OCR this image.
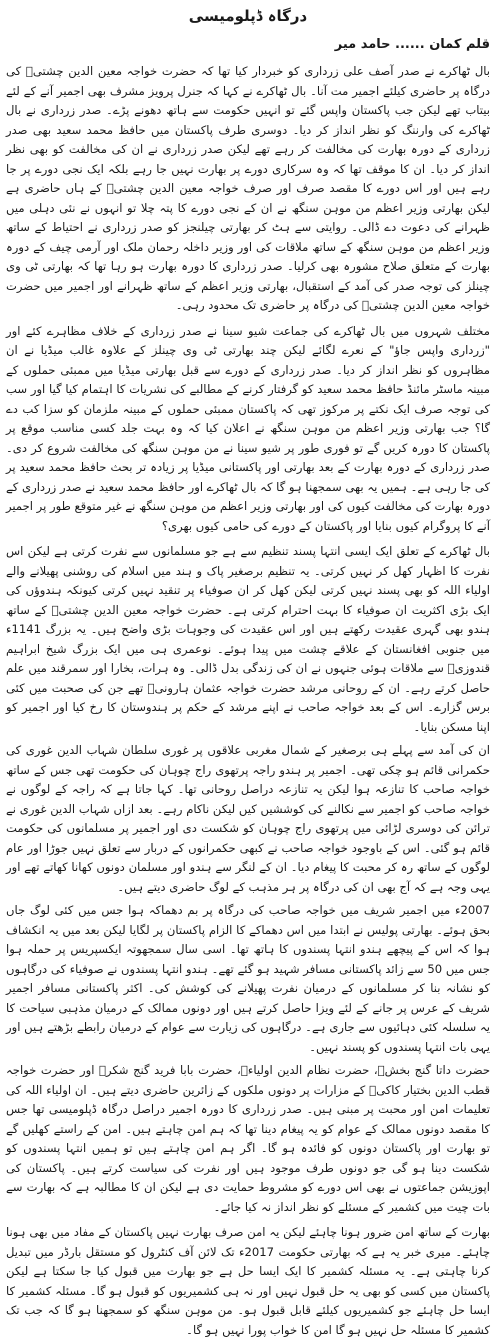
درگاہ ڈپلومیسی
قلم کمان ...... حامد میر

بال ٹھاکرے نے صدر آصف علی زرداری کو خبردار کیا تھا کہ حضرت خواجہ معین الدین چشتیؒ کی درگاہ پر حاضری کیلئے اجمیر مت آنا۔ بال ٹھاکرے نے کہا کہ جنرل پرویز مشرف بھی اجمیر آنے کے لئے بیتاب تھے لیکن جب پاکستان واپس گئے تو انہیں حکومت سے ہاتھ دھونے پڑے۔ صدر زرداری نے بال ٹھاکرے کی وارننگ کو نظر انداز کر دیا۔ دوسری طرف پاکستان میں حافظ محمد سعید بھی صدر زرداری کے دورہ بھارت کی مخالفت کر رہے تھے لیکن صدر زرداری نے ان کی مخالفت کو بھی نظر انداز کر دیا۔ ان کا موقف تھا کہ وہ سرکاری دورے پر بھارت نہیں جا رہے بلکہ ایک نجی دورے پر جا رہے ہیں اور اس دورے کا مقصد صرف اور صرف خواجہ معین الدین چشتیؒ کے ہاں حاضری ہے لیکن بھارتی وزیر اعظم من موہن سنگھ نے ان کے نجی دورے کا پتہ چلا تو انہوں نے نئی دہلی میں ظہرانے کی دعوت دے ڈالی۔ روایتی سے ہٹ کر بھارتی چیلنجز کو صدر زرداری نے احتیاط کے ساتھ وزیر اعظم من موہن سنگھ کے ساتھ ملاقات کی اور وزیر داخلہ رحمان ملک اور آرمی چیف کے دورہ بھارت کے متعلق صلاح مشورہ بھی کرلیا۔ صدر زرداری کا دورہ بھارت ہو رہا تھا کہ بھارتی ٹی وی چینلز کی توجہ صدر کی آمد کے استقبال، بھارتی وزیر اعظم کے ساتھ ظہرانے اور اجمیر میں حضرت خواجہ معین الدین چشتیؒ کی درگاہ پر حاضری تک محدود رہی۔

مختلف شہروں میں بال ٹھاکرے کی جماعت شیو سینا نے صدر زرداری کے خلاف مظاہرے کئے اور "زرداری واپس جاؤ" کے نعرے لگائے لیکن چند بھارتی ٹی وی چینلز کے علاوہ غالب میڈیا نے ان مظاہروں کو نظر انداز کر دیا۔ صدر زرداری کے دورے سے قبل بھارتی میڈیا میں ممبئی حملوں کے مبینہ ماسٹر مائنڈ حافظ محمد سعید کو گرفتار کرنے کے مطالبے کی نشریات کا اہتمام کیا گیا اور سب کی توجہ صرف ایک نکتے پر مرکوز تھی کہ پاکستان ممبئی حملوں کے مبینہ ملزمان کو سزا کب دے گا؟ جب بھارتی وزیر اعظم من موہن سنگھ نے اعلان کیا کہ وہ بہت جلد کسی مناسب موقع پر پاکستان کا دورہ کریں گے تو فوری طور پر شیو سینا نے من موہن سنگھ کی مخالفت شروع کر دی۔ صدر زرداری کے دورہ بھارت کے بعد بھارتی اور پاکستانی میڈیا پر زیادہ تر بحث حافظ محمد سعید پر کی جا رہی ہے۔ ہمیں یہ بھی سمجھنا ہو گا کہ بال ٹھاکرے اور حافظ محمد سعید نے صدر زرداری کے دورہ بھارت کی مخالفت کیوں کی اور بھارتی وزیر اعظم من موہن سنگھ نے غیر متوقع طور پر اجمیر آنے کا پروگرام کیوں بنایا اور پاکستان کے دورے کی حامی کیوں بھری؟

بال ٹھاکرے کے تعلق ایک ایسی انتہا پسند تنظیم سے ہے جو مسلمانوں سے نفرت کرتی ہے لیکن اس نفرت کا اظہار کھل کر نہیں کرتی۔ یہ تنظیم برصغیر پاک و ہند میں اسلام کی روشنی پھیلانے والے اولیاء اللہ کو بھی پسند نہیں کرتی لیکن کھل کر ان صوفیاء پر تنقید نہیں کرتی کیونکہ ہندوؤں کی ایک بڑی اکثریت ان صوفیاء کا بہت احترام کرتی ہے۔ حضرت خواجہ معین الدین چشتیؒ کے ساتھ ہندو بھی گہری عقیدت رکھتے ہیں اور اس عقیدت کی وجوہات بڑی واضح ہیں۔ یہ بزرگ 1141ء میں جنوبی افغانستان کے علاقے چشت میں پیدا ہوئے۔ نوعمری ہی میں ایک بزرگ شیخ ابراہیم قندوزیؒ سے ملاقات ہوئی جنہوں نے ان کی زندگی بدل ڈالی۔ وہ ہرات، بخارا اور سمرقند میں علم حاصل کرتے رہے۔ ان کے روحانی مرشد حضرت خواجہ عثمان ہارونیؒ تھے جن کی صحبت میں کئی برس گزارے۔ اس کے بعد خواجہ صاحب نے اپنے مرشد کے حکم پر ہندوستان کا رخ کیا اور اجمیر کو اپنا مسکن بنایا۔

ان کی آمد سے پہلے ہی برصغیر کے شمال مغربی علاقوں پر غوری سلطان شہاب الدین غوری کی حکمرانی قائم ہو چکی تھی۔ اجمیر پر ہندو راجہ پرتھوی راج چوہان کی حکومت تھی جس کے ساتھ خواجہ صاحب کا تنازعہ ہوا لیکن یہ تنازعہ دراصل روحانی تھا۔ کہا جاتا ہے کہ راجہ کے لوگوں نے خواجہ صاحب کو اجمیر سے نکالنے کی کوششیں کیں لیکن ناکام رہے۔ بعد ازاں شہاب الدین غوری نے ترائن کی دوسری لڑائی میں پرتھوی راج چوہان کو شکست دی اور اجمیر پر مسلمانوں کی حکومت قائم ہو گئی۔ اس کے باوجود خواجہ صاحب نے کبھی حکمرانوں کے دربار سے تعلق نہیں جوڑا اور عام لوگوں کے ساتھ رہ کر محبت کا پیغام دیا۔ ان کے لنگر سے ہندو اور مسلمان دونوں کھانا کھاتے تھے اور یہی وجہ ہے کہ آج بھی ان کی درگاہ پر ہر مذہب کے لوگ حاضری دیتے ہیں۔

2007ء میں اجمیر شریف میں خواجہ صاحب کی درگاہ پر بم دھماکہ ہوا جس میں کئی لوگ جاں بحق ہوئے۔ بھارتی پولیس نے ابتدا میں اس دھماکے کا الزام پاکستان پر لگایا لیکن بعد میں یہ انکشاف ہوا کہ اس کے پیچھے ہندو انتہا پسندوں کا ہاتھ تھا۔ اسی سال سمجھوتہ ایکسپریس پر حملہ ہوا جس میں 50 سے زائد پاکستانی مسافر شہید ہو گئے تھے۔ ہندو انتہا پسندوں نے صوفیاء کی درگاہوں کو نشانہ بنا کر مسلمانوں کے درمیان نفرت پھیلانے کی کوشش کی۔ اکثر پاکستانی مسافر اجمیر شریف کے عرس پر جانے کے لئے ویزا حاصل کرتے ہیں اور دونوں ممالک کے درمیان مذہبی سیاحت کا یہ سلسلہ کئی دہائیوں سے جاری ہے۔ درگاہوں کی زیارت سے عوام کے درمیان رابطے بڑھتے ہیں اور یہی بات انتہا پسندوں کو پسند نہیں۔

حضرت داتا گنج بخشؒ، حضرت نظام الدین اولیاءؒ، حضرت بابا فرید گنج شکرؒ اور حضرت خواجہ قطب الدین بختیار کاکیؒ کے مزارات پر دونوں ملکوں کے زائرین حاضری دیتے ہیں۔ ان اولیاء اللہ کی تعلیمات امن اور محبت پر مبنی ہیں۔ صدر زرداری کا دورہ اجمیر دراصل درگاہ ڈپلومیسی تھا جس کا مقصد دونوں ممالک کے عوام کو یہ پیغام دینا تھا کہ ہم امن چاہتے ہیں۔ امن کے راستے کھلیں گے تو بھارت اور پاکستان دونوں کو فائدہ ہو گا۔ اگر ہم امن چاہتے ہیں تو ہمیں انتہا پسندوں کو شکست دینا ہو گی جو دونوں طرف موجود ہیں اور نفرت کی سیاست کرتے ہیں۔ پاکستان کی اپوزیشن جماعتوں نے بھی اس دورے کو مشروط حمایت دی ہے لیکن ان کا مطالبہ ہے کہ بھارت سے بات چیت میں کشمیر کے مسئلے کو نظر انداز نہ کیا جائے۔

بھارت کے ساتھ امن ضرور ہونا چاہئے لیکن یہ امن صرف بھارت نہیں پاکستان کے مفاد میں بھی ہونا چاہئے۔ میری خبر یہ ہے کہ بھارتی حکومت 2017ء تک لائن آف کنٹرول کو مستقل بارڈر میں تبدیل کرنا چاہتی ہے۔ یہ مسئلہ کشمیر کا ایک ایسا حل ہے جو بھارت میں قبول کیا جا سکتا ہے لیکن پاکستان میں کسی کو بھی یہ حل قبول نہیں اور نہ ہی کشمیریوں کو قبول ہو گا۔ مسئلہ کشمیر کا ایسا حل چاہئے جو کشمیریوں کیلئے قابل قبول ہو۔ من موہن سنگھ کو سمجھنا ہو گا کہ جب تک کشمیر کا مسئلہ حل نہیں ہو گا امن کا خواب پورا نہیں ہو گا۔
